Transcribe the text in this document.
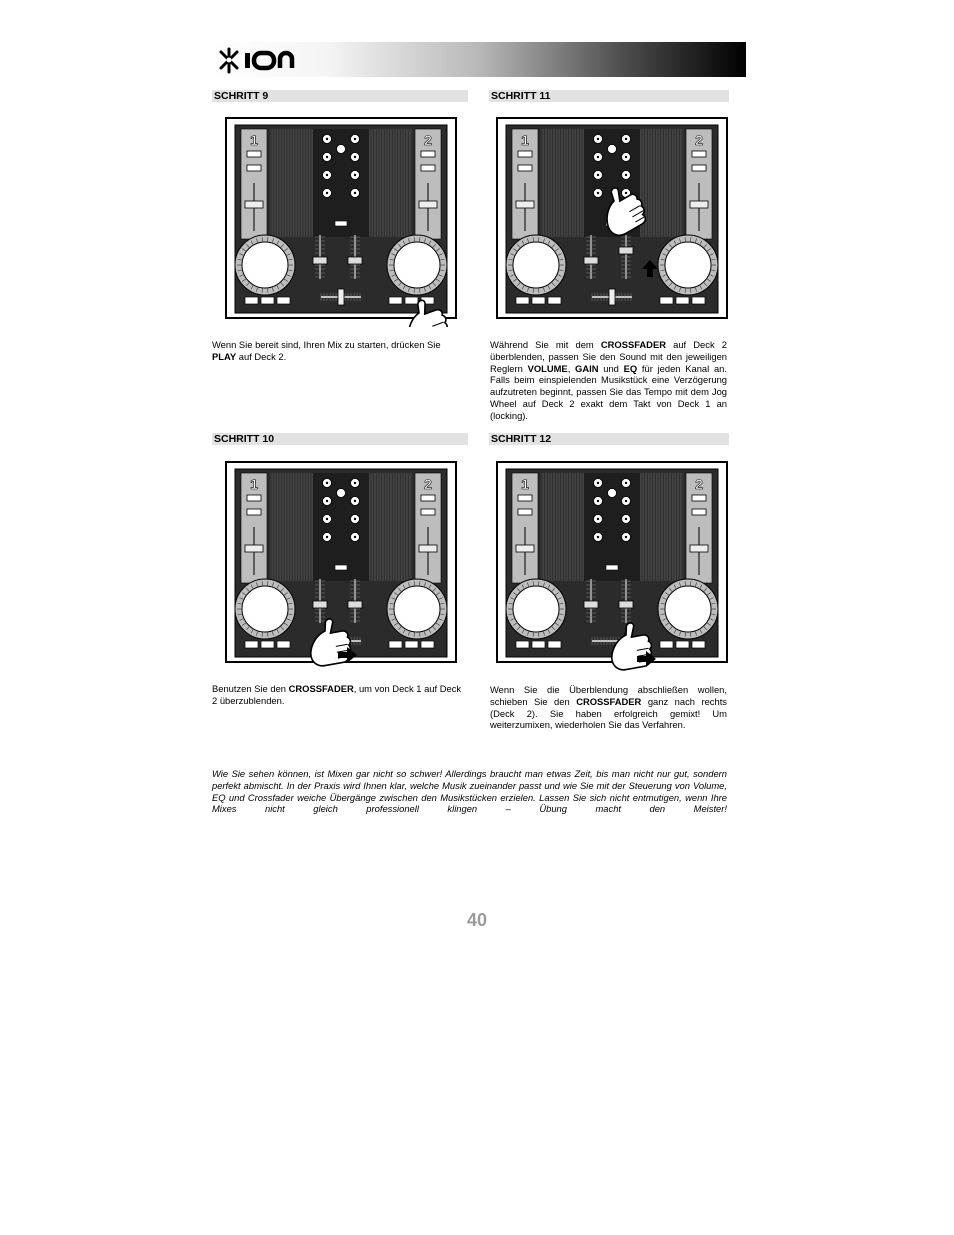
SCHRITT 9	SCHRITT 11
SCHRITT 10	SCHRITT 12
1	2	1	2
1	2	1	2
Wenn Sie bereit sind, Ihren Mix zu starten, drücken Sie PLAY auf Deck 2.
Während Sie mit dem CROSSFADER auf Deck 2 überblenden, passen Sie den Sound mit den jeweiligen Reglern VOLUME, GAIN und EQ für jeden Kanal an. Falls beim einspielenden Musikstück eine Verzögerung aufzutreten beginnt, passen Sie das Tempo mit dem Jog Wheel auf Deck 2 exakt dem Takt von Deck 1 an (locking).
Benutzen Sie den CROSSFADER, um von Deck 1 auf Deck 2 überzublenden.
Wenn Sie die Überblendung abschließen wollen, schieben Sie den CROSSFADER ganz nach rechts (Deck 2). Sie haben erfolgreich gemixt! Um weiterzumixen, wiederholen Sie das Verfahren.
Wie Sie sehen können, ist Mixen gar nicht so schwer! Allerdings braucht man etwas Zeit, bis man nicht nur gut, sondern perfekt abmischt. In der Praxis wird Ihnen klar, welche Musik zueinander passt und wie Sie mit der Steuerung von Volume, EQ und Crossfader weiche Übergänge zwischen den Musikstücken erzielen. Lassen Sie sich nicht entmutigen, wenn Ihre Mixes nicht gleich professionell klingen – Übung macht den Meister!
40
